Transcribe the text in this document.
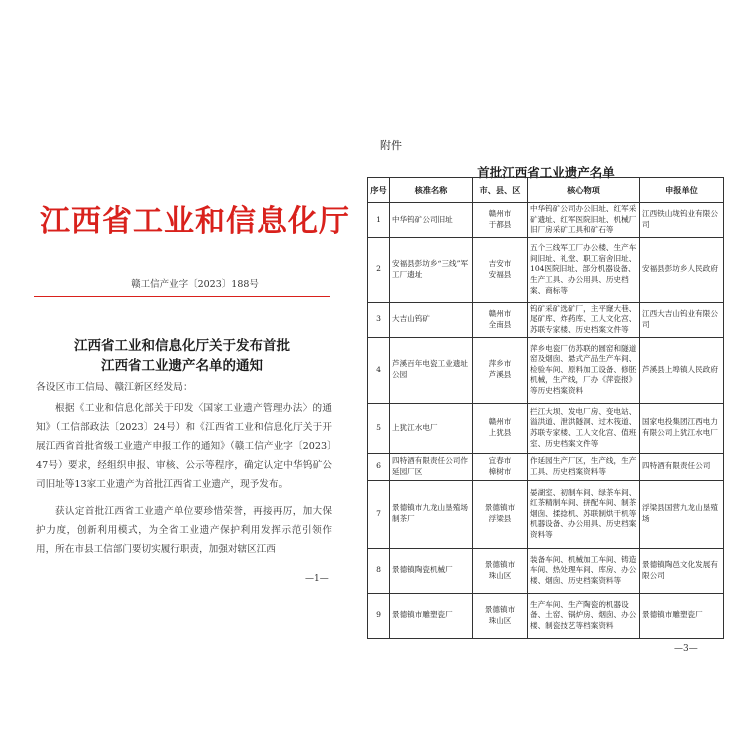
江西省工业和信息化厅
赣工信产业字〔2023〕188号
江西省工业和信息化厅关于发布首批
江西省工业遗产名单的通知
各设区市工信局、赣江新区经发局：
根据《工业和信息化部关于印发〈国家工业遗产管理办法〉的通知》（工信部政法〔2023〕24号）和《江西省工业和信息化厅关于开展江西省首批省级工业遗产申报工作的通知》（赣工信产业字〔2023〕47号）要求，经组织申报、审核、公示等程序，确定认定中华钨矿公司旧址等13家工业遗产为首批江西省工业遗产，现予发布。
获认定首批江西省工业遗产单位要珍惜荣誉，再接再厉，加大保护力度，创新利用模式，为全省工业遗产保护利用发挥示范引领作用，所在市县工信部门要切实履行职责，加强对辖区江西
—1—
附件
首批江西省工业遗产名单
序号	核准名称	市、县、区	核心物项	申报单位
1	中华钨矿公司旧址	赣州市
于都县	中华钨矿公司办公旧址、红军采矿遗址、红军医院旧址、机械厂旧厂房采矿工具和矿石等	江西铁山垅钨业有限公司
2	安福县彭坊乡“三线”军工厂遗址	吉安市
安福县	五个三线军工厂办公楼、生产车间旧址、礼堂、职工宿舍旧址、104医院旧址、部分机器设备、生产工具、办公用具、历史档案、商标等	安福县彭坊乡人民政府
3	大吉山钨矿	赣州市
全南县	钨矿采矿选矿厂，主平窿大巷、尾矿库、炸药库、工人文化宫、苏联专家楼、历史档案文件等	江西大吉山钨业有限公司
4	芦溪百年电瓷工业遗址公园	萍乡市
芦溪县	萍乡电瓷厂仿苏联的圆窑和隧道窑及烟囱、悬式产品生产车间、检验车间、原料加工设备、修胚机械，生产线，厂办《萍瓷报》等历史档案资料	芦溪县上埠镇人民政府
5	上犹江水电厂	赣州市
上犹县	拦江大坝、发电厂房、变电站、溢洪道、泄洪隧洞、过木筏道、苏联专家楼、工人文化宫、值班室、历史档案文件等	国家电投集团江西电力有限公司上犹江水电厂
6	四特酒有限责任公司作延园厂区	宜春市
樟树市	作延园生产厂区，生产线，生产工具、历史档案资料等	四特酒有限责任公司
7	景德镇市九龙山垦殖场制茶厂	景德镇市
浮梁县	晏湖室、初制车间、绿茶车间、红茶精制车间、拼配车间、制茶烟囱、揉捻机、苏联制烘干机等机器设备、办公用具、历史档案资料等	浮梁县国营九龙山垦殖场
8	景德镇陶瓷机械厂	景德镇市
珠山区	装备车间、机械加工车间、铸造车间、热处理车间、库房、办公楼、烟囱、历史档案资料等	景德镇陶邑文化发展有限公司
9	景德镇市雕塑瓷厂	景德镇市
珠山区	生产车间、生产陶瓷的机器设备、土窑、锅炉房、烟囱、办公楼、制瓷技艺等档案资料	景德镇市雕塑瓷厂
—3—
